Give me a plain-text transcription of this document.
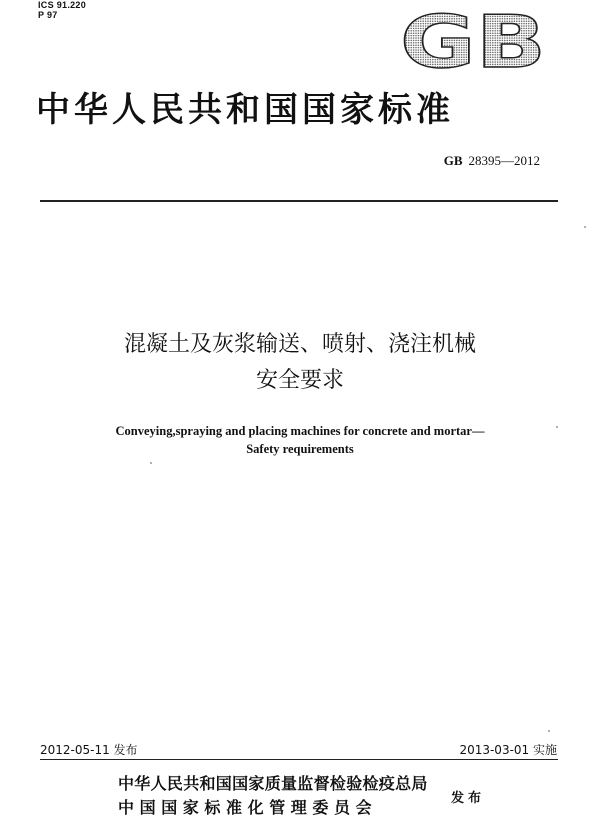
ICS 91.220
P 97	GB
中华人民共和国国家标准
GB 28395—2012
混凝土及灰浆输送、喷射、浇注机械
安全要求
Conveying,spraying and placing machines for concrete and mortar—
Safety requirements
2012-05-11 发布	2013-03-01 实施
中华人民共和国国家质量监督检验检疫总局
中国国家标准化管理委员会	发布
